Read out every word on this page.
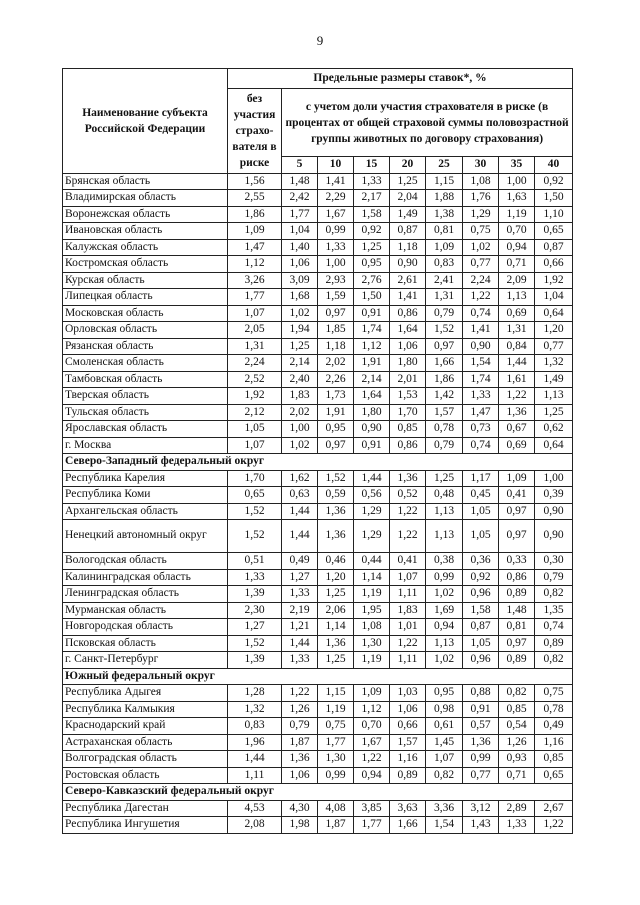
9
Наименование субъекта Российской Федерации	Предельные размеры ставок*, %								
	без участия страхо-вателя в риске	с учетом доли участия страхователя в риске (в процентах от общей страховой суммы половозрастной группы животных по договору страхования)							
		5	10	15	20	25	30	35	40
Брянская область	1,56	1,48	1,41	1,33	1,25	1,15	1,08	1,00	0,92
Владимирская область	2,55	2,42	2,29	2,17	2,04	1,88	1,76	1,63	1,50
Воронежская область	1,86	1,77	1,67	1,58	1,49	1,38	1,29	1,19	1,10
Ивановская область	1,09	1,04	0,99	0,92	0,87	0,81	0,75	0,70	0,65
Калужская область	1,47	1,40	1,33	1,25	1,18	1,09	1,02	0,94	0,87
Костромская область	1,12	1,06	1,00	0,95	0,90	0,83	0,77	0,71	0,66
Курская область	3,26	3,09	2,93	2,76	2,61	2,41	2,24	2,09	1,92
Липецкая область	1,77	1,68	1,59	1,50	1,41	1,31	1,22	1,13	1,04
Московская область	1,07	1,02	0,97	0,91	0,86	0,79	0,74	0,69	0,64
Орловская область	2,05	1,94	1,85	1,74	1,64	1,52	1,41	1,31	1,20
Рязанская область	1,31	1,25	1,18	1,12	1,06	0,97	0,90	0,84	0,77
Смоленская область	2,24	2,14	2,02	1,91	1,80	1,66	1,54	1,44	1,32
Тамбовская область	2,52	2,40	2,26	2,14	2,01	1,86	1,74	1,61	1,49
Тверская область	1,92	1,83	1,73	1,64	1,53	1,42	1,33	1,22	1,13
Тульская область	2,12	2,02	1,91	1,80	1,70	1,57	1,47	1,36	1,25
Ярославская область	1,05	1,00	0,95	0,90	0,85	0,78	0,73	0,67	0,62
г. Москва	1,07	1,02	0,97	0,91	0,86	0,79	0,74	0,69	0,64
Северо-Западный федеральный округ									
Республика Карелия	1,70	1,62	1,52	1,44	1,36	1,25	1,17	1,09	1,00
Республика Коми	0,65	0,63	0,59	0,56	0,52	0,48	0,45	0,41	0,39
Архангельская область	1,52	1,44	1,36	1,29	1,22	1,13	1,05	0,97	0,90
Ненецкий автономный округ	1,52	1,44	1,36	1,29	1,22	1,13	1,05	0,97	0,90
Вологодская область	0,51	0,49	0,46	0,44	0,41	0,38	0,36	0,33	0,30
Калининградская область	1,33	1,27	1,20	1,14	1,07	0,99	0,92	0,86	0,79
Ленинградская область	1,39	1,33	1,25	1,19	1,11	1,02	0,96	0,89	0,82
Мурманская область	2,30	2,19	2,06	1,95	1,83	1,69	1,58	1,48	1,35
Новгородская область	1,27	1,21	1,14	1,08	1,01	0,94	0,87	0,81	0,74
Псковская область	1,52	1,44	1,36	1,30	1,22	1,13	1,05	0,97	0,89
г. Санкт-Петербург	1,39	1,33	1,25	1,19	1,11	1,02	0,96	0,89	0,82
Южный федеральный округ									
Республика Адыгея	1,28	1,22	1,15	1,09	1,03	0,95	0,88	0,82	0,75
Республика Калмыкия	1,32	1,26	1,19	1,12	1,06	0,98	0,91	0,85	0,78
Краснодарский край	0,83	0,79	0,75	0,70	0,66	0,61	0,57	0,54	0,49
Астраханская область	1,96	1,87	1,77	1,67	1,57	1,45	1,36	1,26	1,16
Волгоградская область	1,44	1,36	1,30	1,22	1,16	1,07	0,99	0,93	0,85
Ростовская область	1,11	1,06	0,99	0,94	0,89	0,82	0,77	0,71	0,65
Северо-Кавказский федеральный округ									
Республика Дагестан	4,53	4,30	4,08	3,85	3,63	3,36	3,12	2,89	2,67
Республика Ингушетия	2,08	1,98	1,87	1,77	1,66	1,54	1,43	1,33	1,22
